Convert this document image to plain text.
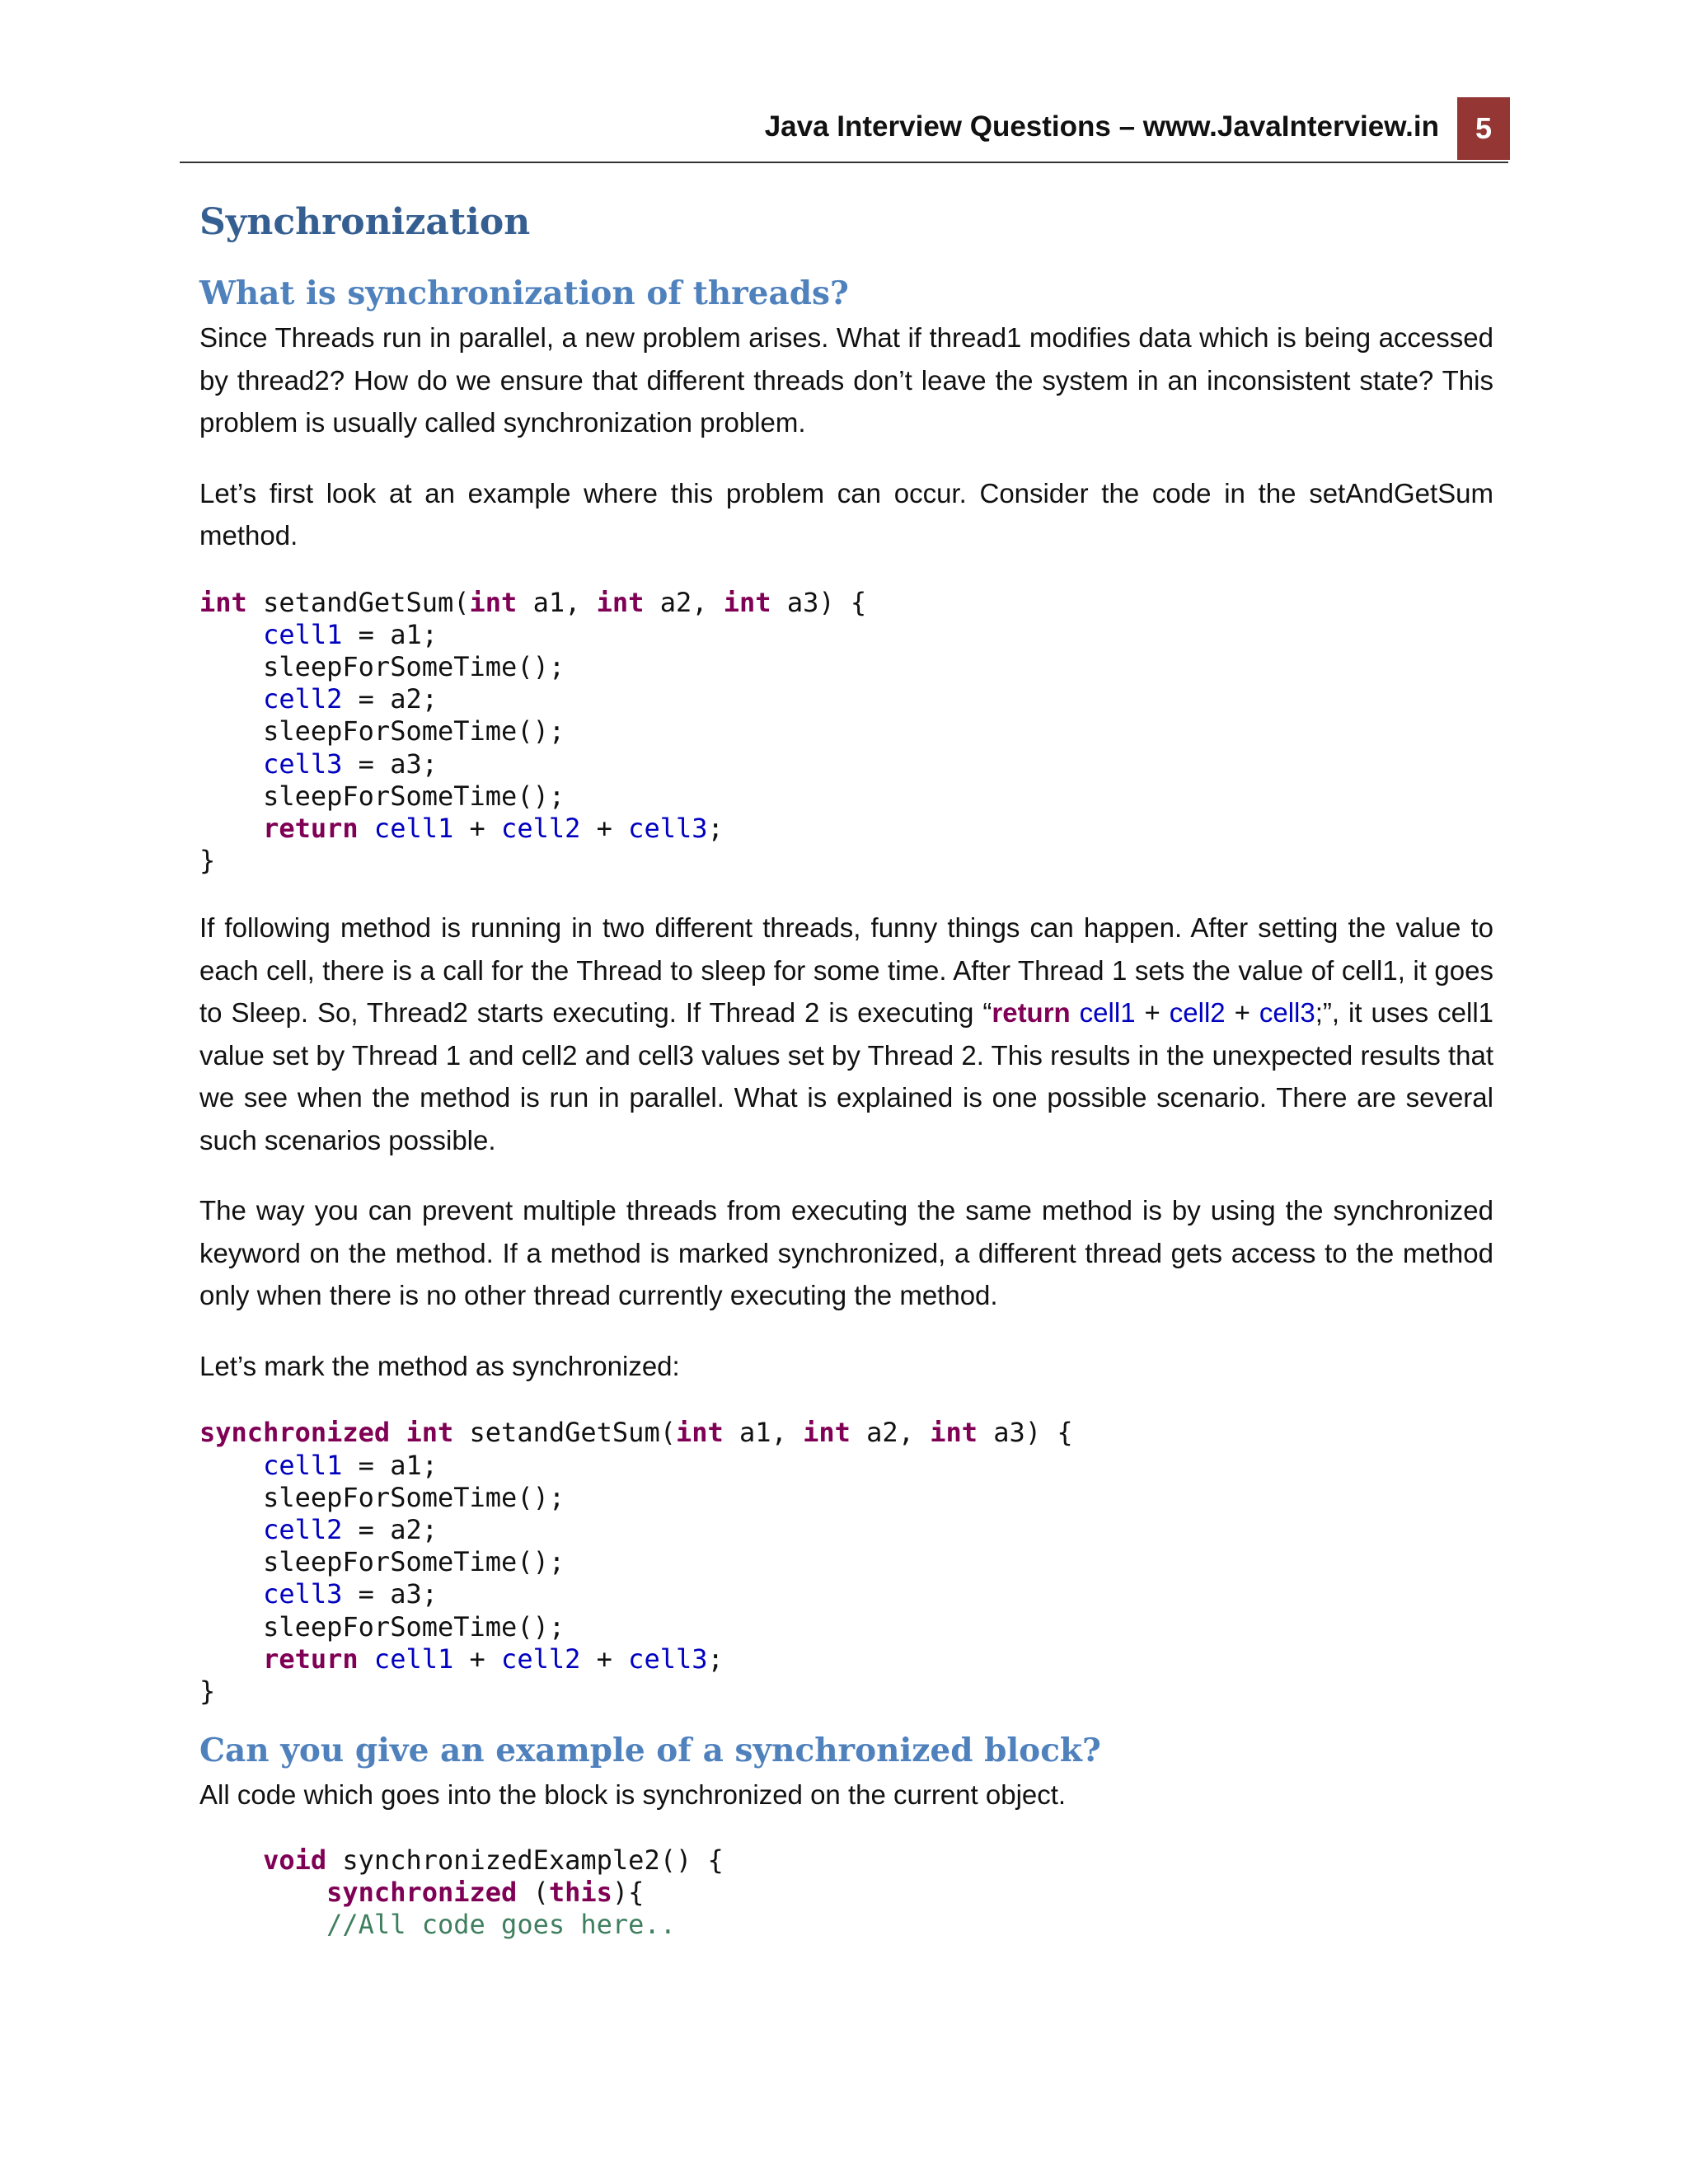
Java Interview Questions – www.JavaInterview.in	5
Synchronization
What is synchronization of threads?

Since Threads run in parallel, a new problem arises. What if thread1 modifies data which is being accessed by thread2? How do we ensure that different threads don’t leave the system in an inconsistent state? This problem is usually called synchronization problem.

Let’s first look at an example where this problem can occur. Consider the code in the setAndGetSum method.

int setandGetSum(int a1, int a2, int a3) {
cell1 = a1;
sleepForSomeTime();
cell2 = a2;
sleepForSomeTime();
cell3 = a3;
sleepForSomeTime();
return cell1 + cell2 + cell3;
}

If following method is running in two different threads, funny things can happen. After setting the value to each cell, there is a call for the Thread to sleep for some time. After Thread 1 sets the value of cell1, it goes to Sleep. So, Thread2 starts executing. If Thread 2 is executing “return cell1 + cell2 + cell3;”, it uses cell1 value set by Thread 1 and cell2 and cell3 values set by Thread 2. This results in the unexpected results that we see when the method is run in parallel. What is explained is one possible scenario. There are several such scenarios possible.

The way you can prevent multiple threads from executing the same method is by using the synchronized keyword on the method. If a method is marked synchronized, a different thread gets access to the method only when there is no other thread currently executing the method.

Let’s mark the method as synchronized:

synchronized int setandGetSum(int a1, int a2, int a3) {
cell1 = a1;
sleepForSomeTime();
cell2 = a2;
sleepForSomeTime();
cell3 = a3;
sleepForSomeTime();
return cell1 + cell2 + cell3;
}
Can you give an example of a synchronized block?

All code which goes into the block is synchronized on the current object.

void synchronizedExample2() {
synchronized (this){
//All code goes here..
